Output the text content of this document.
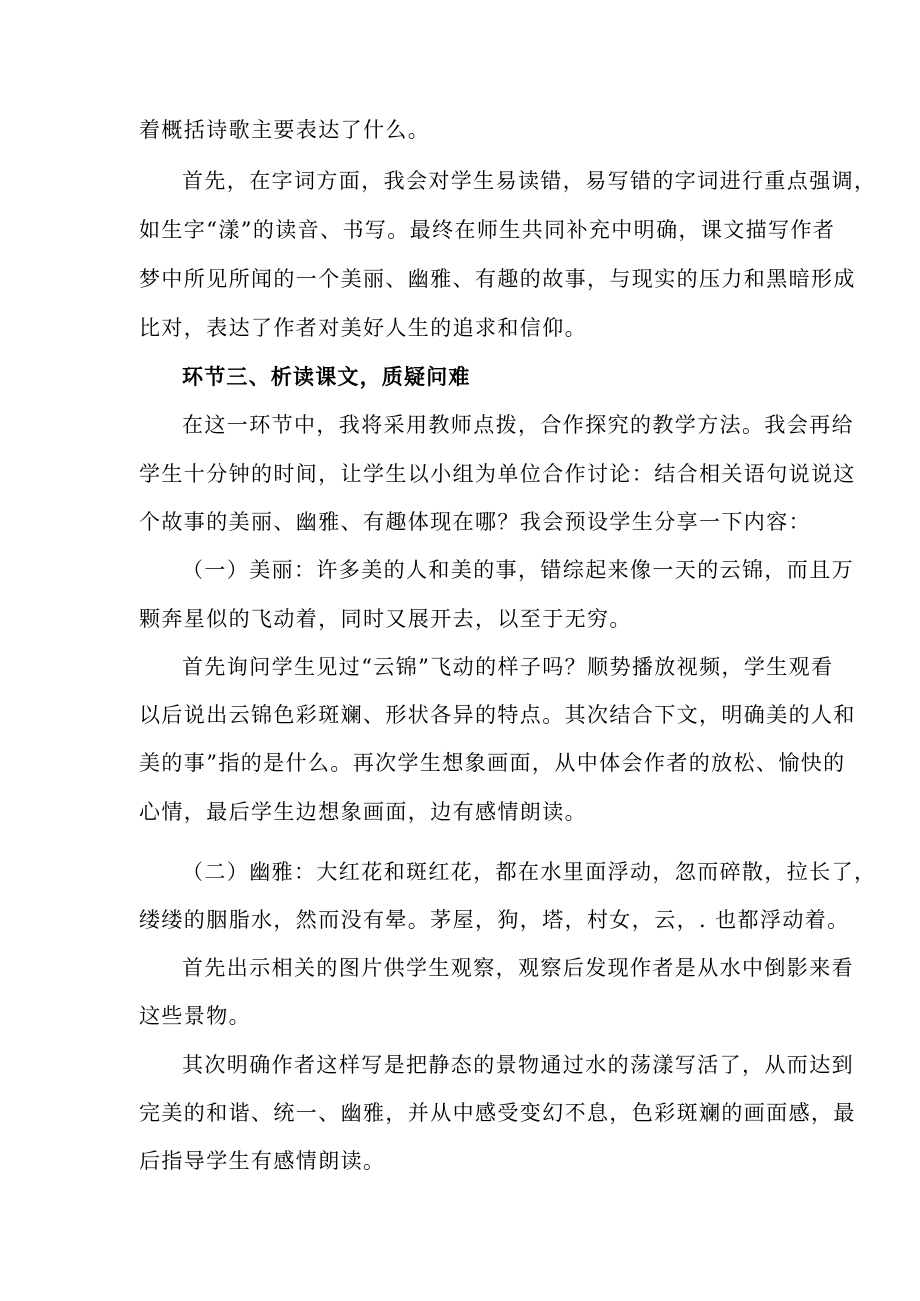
着概括诗歌主要表达了什么。
首先，在字词方面，我会对学生易读错，易写错的字词进行重点强调，
如生字“漾”的读音、书写。最终在师生共同补充中明确，课文描写作者
梦中所见所闻的一个美丽、幽雅、有趣的故事，与现实的压力和黑暗形成
比对，表达了作者对美好人生的追求和信仰。
环节三、析读课文，质疑问难
在这一环节中，我将采用教师点拨，合作探究的教学方法。我会再给
学生十分钟的时间，让学生以小组为单位合作讨论：结合相关语句说说这
个故事的美丽、幽雅、有趣体现在哪？我会预设学生分享一下内容：
（一）美丽：许多美的人和美的事，错综起来像一天的云锦，而且万
颗奔星似的飞动着，同时又展开去，以至于无穷。
首先询问学生见过“云锦”飞动的样子吗？顺势播放视频，学生观看
以后说出云锦色彩斑斓、形状各异的特点。其次结合下文，明确美的人和
美的事”指的是什么。再次学生想象画面，从中体会作者的放松、愉快的
心情，最后学生边想象画面，边有感情朗读。
（二）幽雅：大红花和斑红花，都在水里面浮动，忽而碎散，拉长了，
缕缕的胭脂水，然而没有晕。茅屋，狗，塔，村女，云，. 也都浮动着。
首先出示相关的图片供学生观察，观察后发现作者是从水中倒影来看
这些景物。
其次明确作者这样写是把静态的景物通过水的荡漾写活了，从而达到
完美的和谐、统一、幽雅，并从中感受变幻不息，色彩斑斓的画面感，最
后指导学生有感情朗读。
